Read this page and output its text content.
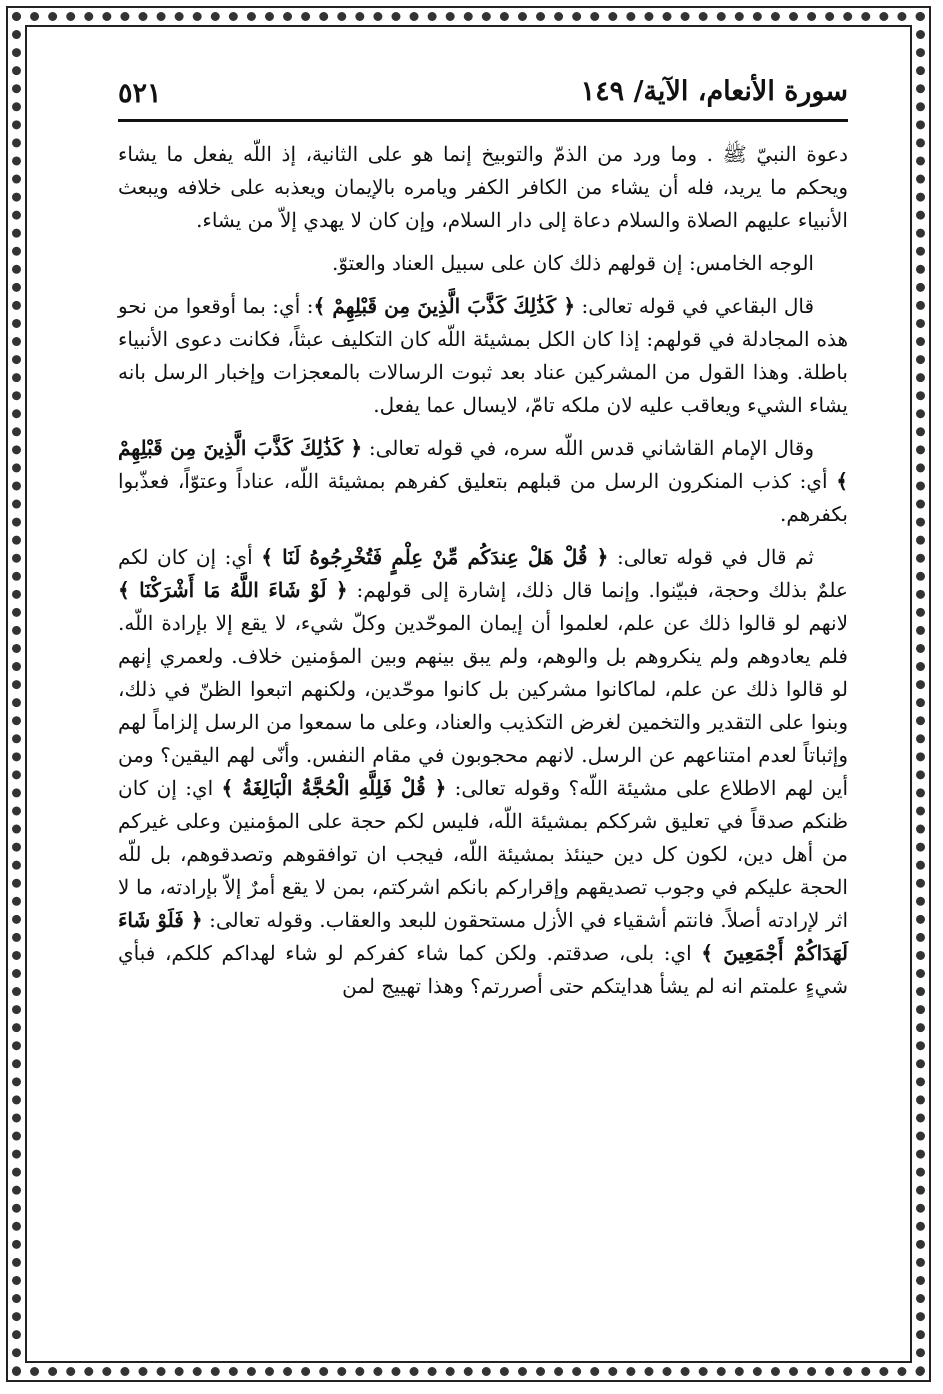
٥٢١	سورة الأنعام، الآية/ ١٤٩

دعوة النبيّ ﷺ . وما ورد من الذمّ والتوبيخ إنما هو على الثانية، إذ اللّه يفعل ما يشاء ويحكم ما يريد، فله أن يشاء من الكافر الكفر ويامره بالإيمان ويعذبه على خلافه ويبعث الأنبياء عليهم الصلاة والسلام دعاة إلى دار السلام، وإن كان لا يهدي إلاّ من يشاء.

الوجه الخامس: إن قولهم ذلك كان على سبيل العناد والعتوّ.

قال البقاعي في قوله تعالى: ﴿ كَذَٰلِكَ كَذَّبَ الَّذِينَ مِن قَبْلِهِمْ ﴾: أي: بما أوقعوا من نحو هذه المجادلة في قولهم: إذا كان الكل بمشيئة اللّه كان التكليف عبثاً، فكانت دعوى الأنبياء باطلة. وهذا القول من المشركين عناد بعد ثبوت الرسالات بالمعجزات وإخبار الرسل بانه يشاء الشيء ويعاقب عليه لان ملكه تامّ، لايسال عما يفعل.

وقال الإمام القاشاني قدس اللّه سره، في قوله تعالى: ﴿ كَذَٰلِكَ كَذَّبَ الَّذِينَ مِن قَبْلِهِمْ ﴾ أي: كذب المنكرون الرسل من قبلهم بتعليق كفرهم بمشيئة اللّه، عناداً وعتوّاً، فعذّبوا بكفرهم.

ثم قال في قوله تعالى: ﴿ قُلْ هَلْ عِندَكُم مِّنْ عِلْمٍ فَتُخْرِجُوهُ لَنَا ﴾ أي: إن كان لكم علمٌ بذلك وحجة، فبيّنوا. وإنما قال ذلك، إشارة إلى قولهم: ﴿ لَوْ شَاءَ اللَّهُ مَا أَشْرَكْنَا ﴾ لانهم لو قالوا ذلك عن علم، لعلموا أن إيمان الموحّدين وكلّ شيء، لا يقع إلا بإرادة اللّه. فلم يعادوهم ولم ينكروهم بل والوهم، ولم يبق بينهم وبين المؤمنين خلاف. ولعمري إنهم لو قالوا ذلك عن علم، لماكانوا مشركين بل كانوا موحّدين، ولكنهم اتبعوا الظنّ في ذلك، وبنوا على التقدير والتخمين لغرض التكذيب والعناد، وعلى ما سمعوا من الرسل إلزاماً لهم وإثباتاً لعدم امتناعهم عن الرسل. لانهم محجوبون في مقام النفس. وأنّى لهم اليقين؟ ومن أين لهم الاطلاع على مشيئة اللّه؟ وقوله تعالى: ﴿ قُلْ فَلِلَّهِ الْحُجَّةُ الْبَالِغَةُ ﴾ اي: إن كان ظنكم صدقاً في تعليق شرككم بمشيئة اللّه، فليس لكم حجة على المؤمنين وعلى غيركم من أهل دين، لكون كل دين حينئذ بمشيئة اللّه، فيجب ان توافقوهم وتصدقوهم، بل للّه الحجة عليكم في وجوب تصديقهم وإقراركم بانكم اشركتم، بمن لا يقع أمرٌ إلاّ بإرادته، ما لا اثر لإرادته أصلاً. فانتم أشقياء في الأزل مستحقون للبعد والعقاب. وقوله تعالى: ﴿ فَلَوْ شَاءَ لَهَدَاكُمْ أَجْمَعِينَ ﴾ اي: بلى، صدقتم. ولكن كما شاء كفركم لو شاء لهداكم كلكم، فبأي شيءٍ علمتم انه لم يشأ هدايتكم حتى أصررتم؟ وهذا تهييج لمن
